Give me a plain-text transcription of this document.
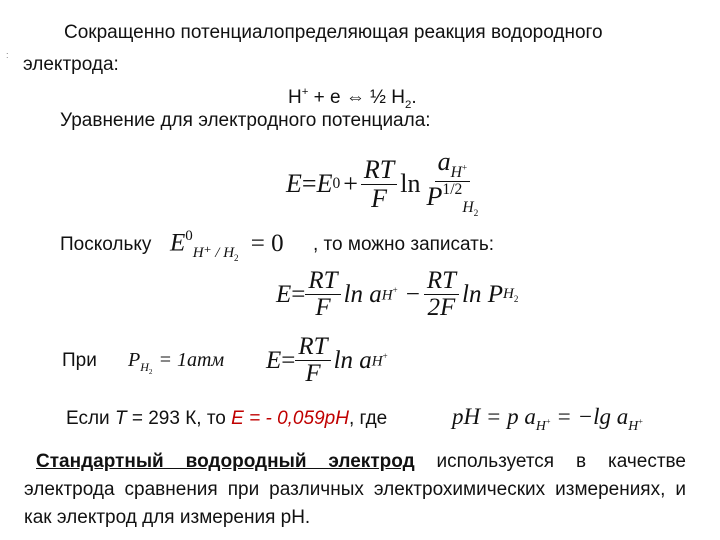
:
Сокращенно потенциалопределяющая реакция водородного
электрода:
H+ + e ⇔ ½ $H_2$.
Уравнение для электродного потенциала:
E = E $0 + \frac{RT}{F}$ $\ln \frac{a_{H^+}}{P^{1/2}_{H_2}}$
Поскольку $E^0_{H^+ / H_2} = 0$ , то можно записать:
$E = \frac{RT}{F}$ ln a $H^+ - \frac{RT}{2F}$ ln P $H_2$
При $P_{H_2}= 1атм$ $E = \frac{RT}{F}$ ln a H+
Если T = 293 К, то E = - 0,059pH, где	pH = p $a_{H^+} = -\lg$ $a_{H^+}$
Стандартный водородный электрод используется в качестве электрода сравнения при различных электрохимических измерениях, и как электрод для измерения pH.
